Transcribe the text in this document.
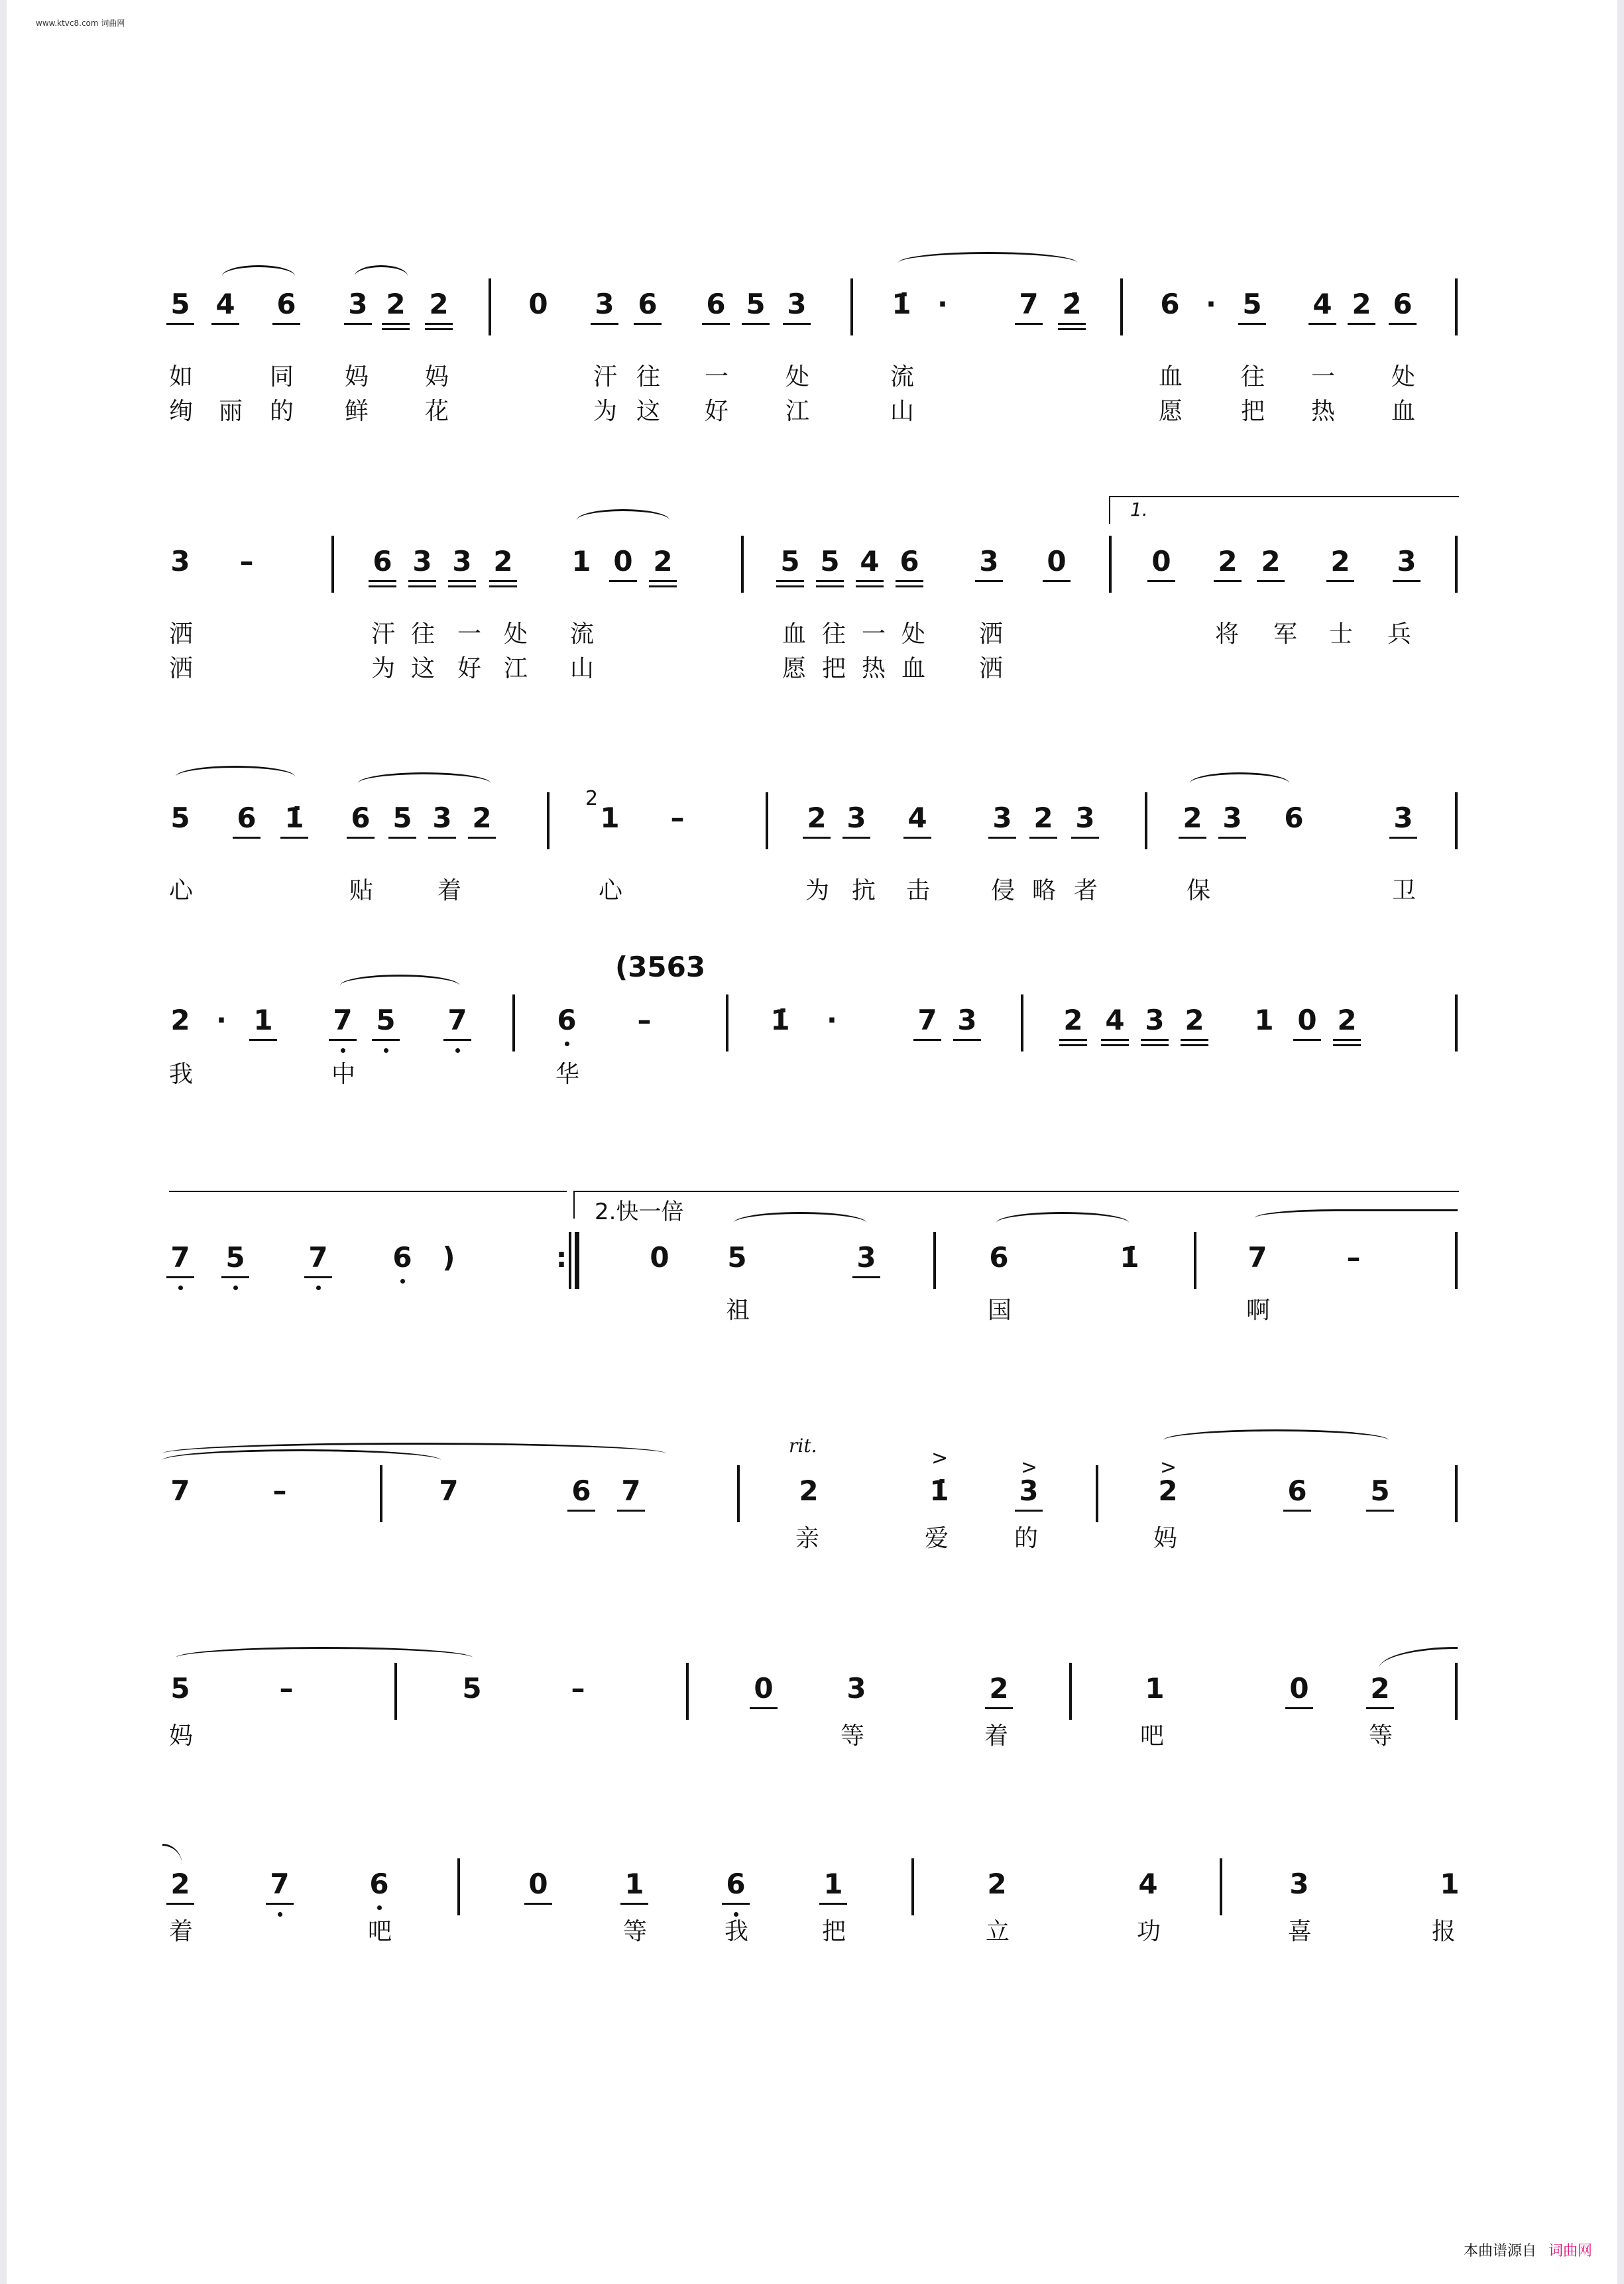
www.ktvc8.com 词曲网
5 4 6 3 2 2	0 3 6 6 5 3	1̇ ·	7 2̇	6 · 5 4 2 6
如	同 妈 妈	汗 往 一 处	流	血 往 一 处
绚 丽 的 鲜 花	为 这 好 江	山	愿 把 热 血
1.
3 –	6 3 3 2 1 0 2	5 5 4 6 3 0	0 2 2 2 3
洒	汗 往 一 处 流	血 往 一 处 洒	将 军 士 兵
洒	为 这 好 江 山	愿 把 热 血 洒
5 6 1̇ 6 5 3 2
2
1 –	2 3 4 3 2 3	2 3 6	3
心	贴	着	心	为 抗 击	侵 略 者	保	卫
(3563
2 · 1 7 5 7	6 –	1̇ ·	7 3	2 4 3 2 1 0 2
我	中	华
2.快一倍
7 5 7 6 )	:	0 5	3	6	1̇	7	–
祖	国	啊
rit.
7	–	7	6 7	2
>
1̇
>
3
>
2	6 5
亲	爱	的	妈
5	–	5	–	0	3	2	1	0 2
妈	等	着	吧	等
2	7	6	0	1	6	1	2	4	3	1
着	吧	等	我	把	立	功	喜	报
本曲谱源自 词曲网
